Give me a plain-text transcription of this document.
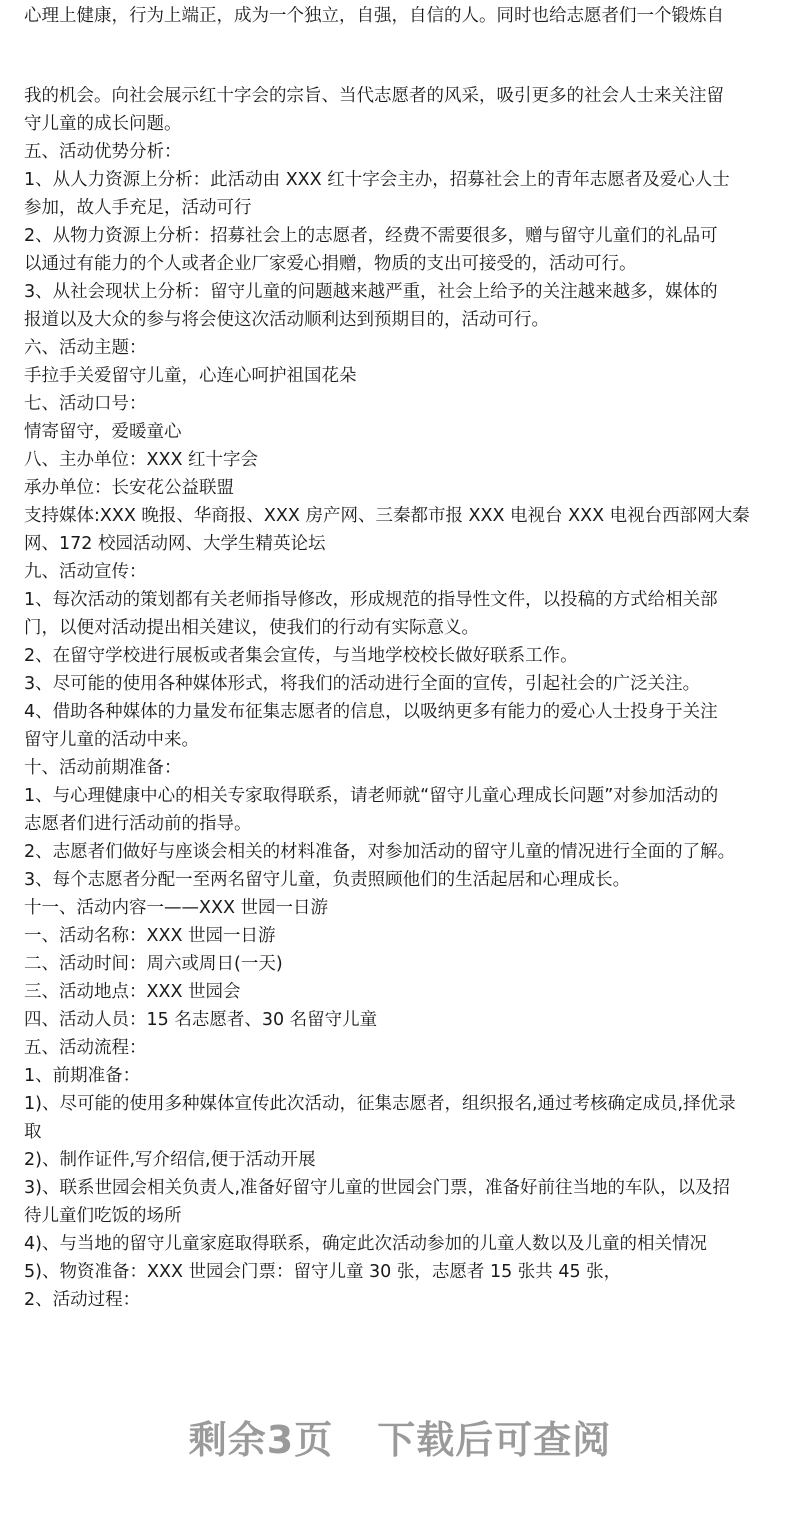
心理上健康，行为上端正，成为一个独立，自强，自信的人。同时也给志愿者们一个锻炼自
我的机会。向社会展示红十字会的宗旨、当代志愿者的风采，吸引更多的社会人士来关注留
守儿童的成长问题。
五、活动优势分析：
1、从人力资源上分析：此活动由 XXX 红十字会主办，招募社会上的青年志愿者及爱心人士
参加，故人手充足，活动可行
2、从物力资源上分析：招募社会上的志愿者，经费不需要很多，赠与留守儿童们的礼品可
以通过有能力的个人或者企业厂家爱心捐赠，物质的支出可接受的，活动可行。
3、从社会现状上分析：留守儿童的问题越来越严重，社会上给予的关注越来越多，媒体的
报道以及大众的参与将会使这次活动顺利达到预期目的，活动可行。
六、活动主题：
手拉手关爱留守儿童，心连心呵护祖国花朵
七、活动口号：
情寄留守，爱暖童心
八、主办单位：XXX 红十字会
承办单位：长安花公益联盟
支持媒体:XXX 晚报、华商报、XXX 房产网、三秦都市报 XXX 电视台 XXX 电视台西部网大秦
网、172 校园活动网、大学生精英论坛
九、活动宣传：
1、每次活动的策划都有关老师指导修改，形成规范的指导性文件，以投稿的方式给相关部
门，以便对活动提出相关建议，使我们的行动有实际意义。
2、在留守学校进行展板或者集会宣传，与当地学校校长做好联系工作。
3、尽可能的使用各种媒体形式，将我们的活动进行全面的宣传，引起社会的广泛关注。
4、借助各种媒体的力量发布征集志愿者的信息，以吸纳更多有能力的爱心人士投身于关注
留守儿童的活动中来。
十、活动前期准备：
1、与心理健康中心的相关专家取得联系，请老师就“留守儿童心理成长问题”对参加活动的
志愿者们进行活动前的指导。
2、志愿者们做好与座谈会相关的材料准备，对参加活动的留守儿童的情况进行全面的了解。
3、每个志愿者分配一至两名留守儿童，负责照顾他们的生活起居和心理成长。
十一、活动内容一——XXX 世园一日游
一、活动名称：XXX 世园一日游
二、活动时间：周六或周日(一天)
三、活动地点：XXX 世园会
四、活动人员：15 名志愿者、30 名留守儿童
五、活动流程：
1、前期准备：
1)、尽可能的使用多种媒体宣传此次活动，征集志愿者，组织报名,通过考核确定成员,择优录
取
2)、制作证件,写介绍信,便于活动开展
3)、联系世园会相关负责人,准备好留守儿童的世园会门票，准备好前往当地的车队，以及招
待儿童们吃饭的场所
4)、与当地的留守儿童家庭取得联系，确定此次活动参加的儿童人数以及儿童的相关情况
5)、物资准备：XXX 世园会门票：留守儿童 30 张，志愿者 15 张共 45 张，
2、活动过程：
剩余3页 下载后可查阅
